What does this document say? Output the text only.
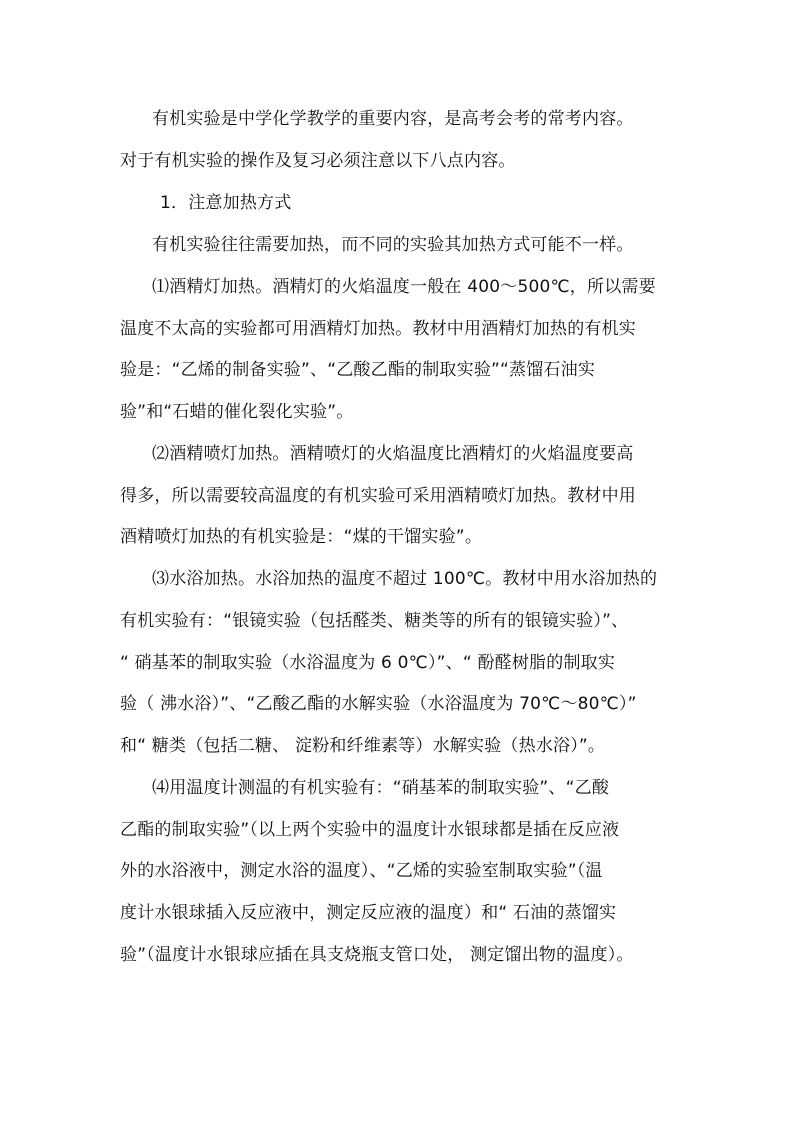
有机实验是中学化学教学的重要内容，是高考会考的常考内容。
对于有机实验的操作及复习必须注意以下八点内容。
1．注意加热方式
有机实验往往需要加热，而不同的实验其加热方式可能不一样。
⑴酒精灯加热。酒精灯的火焰温度一般在 400～500℃，所以需要
温度不太高的实验都可用酒精灯加热。教材中用酒精灯加热的有机实
验是：“乙烯的制备实验”、“乙酸乙酯的制取实验”“蒸馏石油实
验”和“石蜡的催化裂化实验”。
⑵酒精喷灯加热。酒精喷灯的火焰温度比酒精灯的火焰温度要高
得多，所以需要较高温度的有机实验可采用酒精喷灯加热。教材中用
酒精喷灯加热的有机实验是：“煤的干馏实验”。
⑶水浴加热。水浴加热的温度不超过 100℃。教材中用水浴加热的
有机实验有：“银镜实验（包括醛类、糖类等的所有的银镜实验）”、
“ 硝基苯的制取实验（水浴温度为 6 0℃）”、“ 酚醛树脂的制取实
验（ 沸水浴）”、“乙酸乙酯的水解实验（水浴温度为 70℃～80℃）”
和“ 糖类（包括二糖、 淀粉和纤维素等）水解实验（热水浴）”。
⑷用温度计测温的有机实验有：“硝基苯的制取实验”、“乙酸
乙酯的制取实验”（以上两个实验中的温度计水银球都是插在反应液
外的水浴液中，测定水浴的温度）、“乙烯的实验室制取实验”（温
度计水银球插入反应液中，测定反应液的温度）和“ 石油的蒸馏实
验”（温度计水银球应插在具支烧瓶支管口处， 测定馏出物的温度）。
